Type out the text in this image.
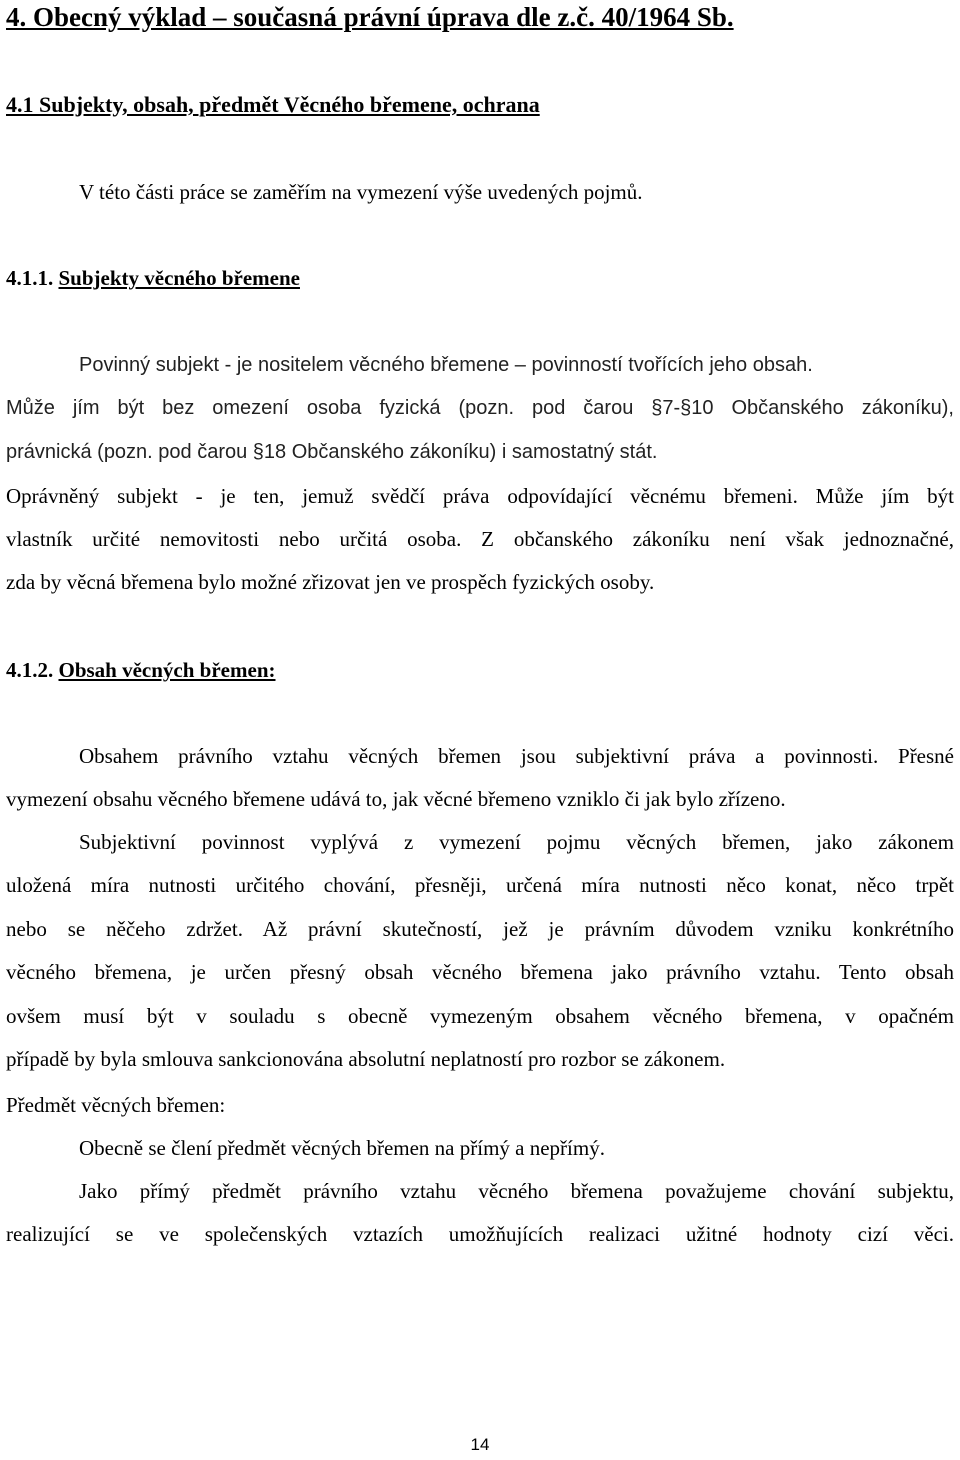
4. Obecný výklad – současná právní úprava dle z.č. 40/1964 Sb.
4.1 Subjekty, obsah, předmět Věcného břemene, ochrana
V této části práce se zaměřím na vymezení výše uvedených pojmů.
4.1.1. Subjekty věcného břemene
Povinný subjekt - je nositelem věcného břemene – povinností tvořících jeho obsah.
Může jím být bez omezení osoba fyzická (pozn. pod čarou §7-§10 Občanského zákoníku),
právnická (pozn. pod čarou §18 Občanského zákoníku) i samostatný stát.
Oprávněný subjekt - je ten, jemuž svědčí práva odpovídající věcnému břemeni. Může jím být
vlastník určité nemovitosti nebo určitá osoba. Z občanského zákoníku není však jednoznačné,
zda by věcná břemena bylo možné zřizovat jen ve prospěch fyzických osoby.
4.1.2. Obsah věcných břemen:
Obsahem právního vztahu věcných břemen jsou subjektivní práva a povinnosti. Přesné
vymezení obsahu věcného břemene udává to, jak věcné břemeno vzniklo či jak bylo zřízeno.
Subjektivní povinnost vyplývá z vymezení pojmu věcných břemen, jako zákonem
uložená míra nutnosti určitého chování, přesněji, určená míra nutnosti něco konat, něco trpět
nebo se něčeho zdržet. Až právní skutečností, jež je právním důvodem vzniku konkrétního
věcného břemena, je určen přesný obsah věcného břemena jako právního vztahu. Tento obsah
ovšem musí být v souladu s obecně vymezeným obsahem věcného břemena, v opačném
případě by byla smlouva sankcionována absolutní neplatností pro rozbor se zákonem.
Předmět věcných břemen:
Obecně se člení předmět věcných břemen na přímý a nepřímý.
Jako přímý předmět právního vztahu věcného břemena považujeme chování subjektu,
realizující se ve společenských vztazích umožňujících realizaci užitné hodnoty cizí věci.
14
